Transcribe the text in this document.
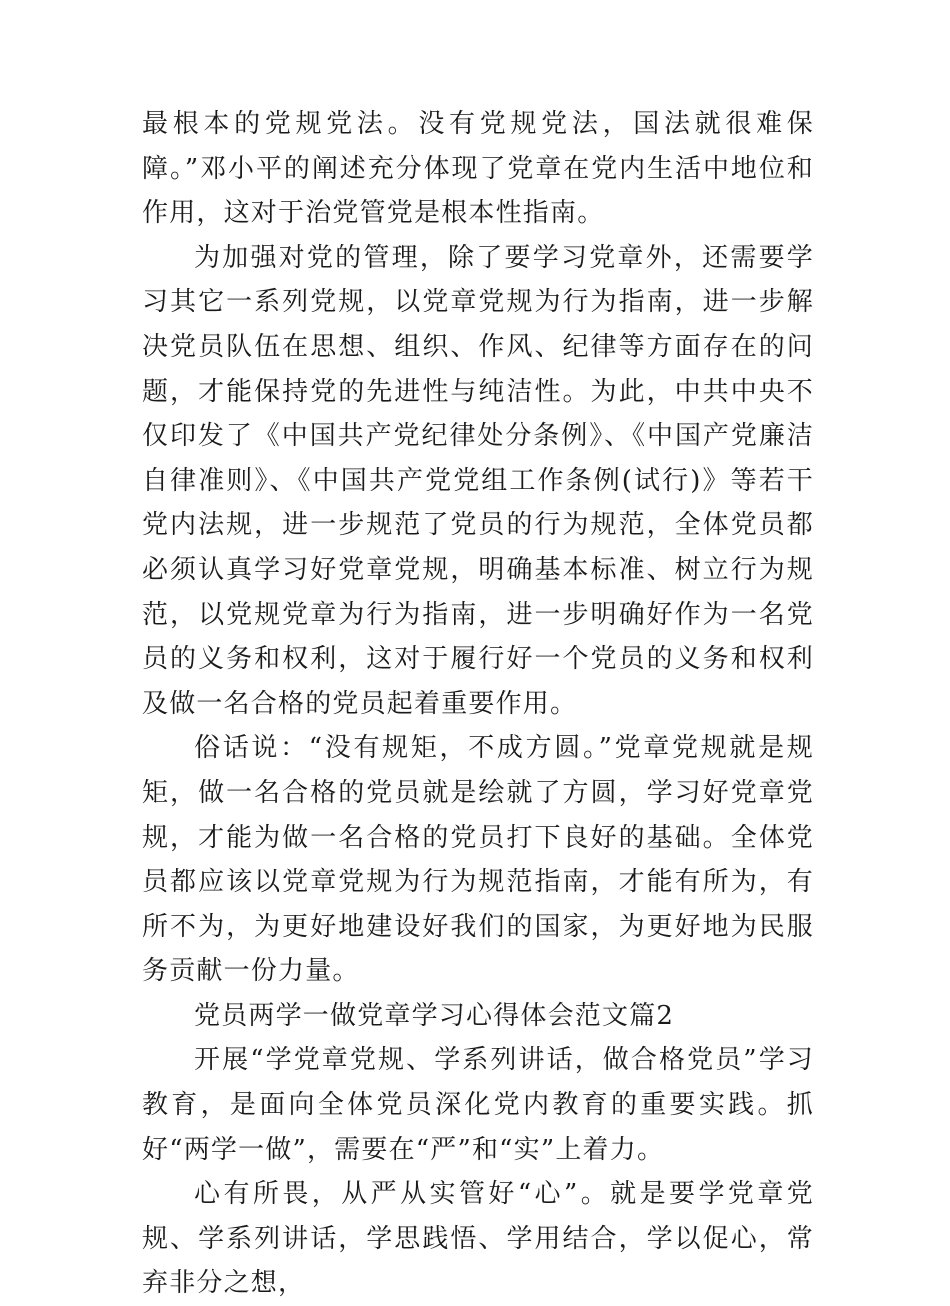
最根本的党规党法。没有党规党法，国法就很难保障。”邓小平的阐述充分体现了党章在党内生活中地位和作用，这对于治党管党是根本性指南。

为加强对党的管理，除了要学习党章外，还需要学习其它一系列党规，以党章党规为行为指南，进一步解决党员队伍在思想、组织、作风、纪律等方面存在的问题，才能保持党的先进性与纯洁性。为此，中共中央不仅印发了《中国共产党纪律处分条例》、《中国产党廉洁自律准则》、《中国共产党党组工作条例(试行)》等若干党内法规，进一步规范了党员的行为规范，全体党员都必须认真学习好党章党规，明确基本标准、树立行为规范，以党规党章为行为指南，进一步明确好作为一名党员的义务和权利，这对于履行好一个党员的义务和权利及做一名合格的党员起着重要作用。

俗话说：“没有规矩，不成方圆。”党章党规就是规矩，做一名合格的党员就是绘就了方圆，学习好党章党规，才能为做一名合格的党员打下良好的基础。全体党员都应该以党章党规为行为规范指南，才能有所为，有所不为，为更好地建设好我们的国家，为更好地为民服务贡献一份力量。

党员两学一做党章学习心得体会范文篇2

开展“学党章党规、学系列讲话，做合格党员”学习教育，是面向全体党员深化党内教育的重要实践。抓好“两学一做”，需要在“严”和“实”上着力。

心有所畏，从严从实管好“心”。就是要学党章党规、学系列讲话，学思践悟、学用结合，学以促心，常弃非分之想，
